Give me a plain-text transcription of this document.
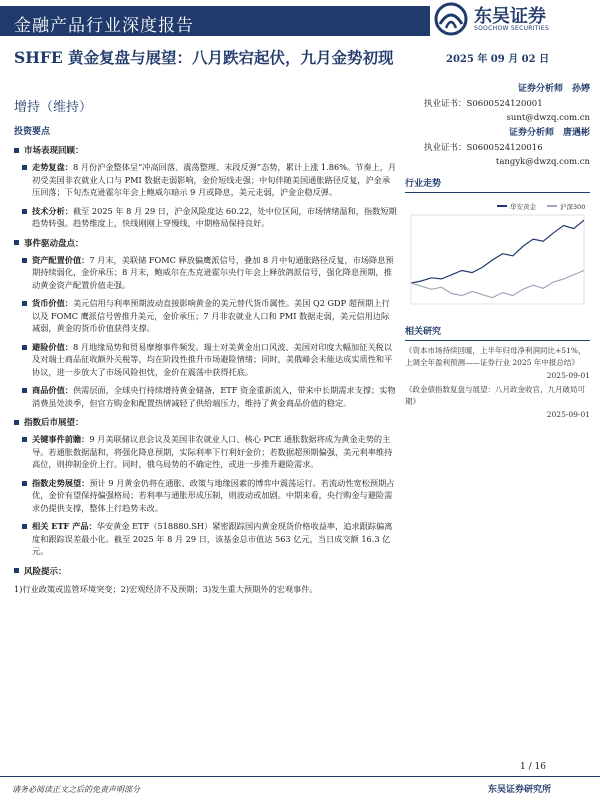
金融产品行业深度报告	东吴证券
SOOCHOW SECURITIES
SHFE 黄金复盘与展望：八月跌宕起伏，九月金势初现
增持（维持）
2025 年 09 月 02 日
证券分析师　孙婷
执业证书：S0600524120001
sunt@dwzq.com.cn
证券分析师　唐遇彬
执业证书：S0600524120016
tangyk@dwzq.com.cn
投资要点
市场表现回顾：
走势复盘：8 月份沪金整体呈“冲高回落、震荡整理、末段反弹”态势，累计上涨 1.86%。节奏上，月初受美国非农就业人口与 PMI 数据走弱影响，金价短线走强；中旬伴随美国通胀路径反复，沪金承压回落；下旬杰克逊霍尔年会上鲍威尔暗示 9 月或降息，美元走弱，沪金企稳反弹。
技术分析：截至 2025 年 8 月 29 日，沪金风险度达 60.22，处中位区间，市场情绪温和，指数短期趋势转强。趋势维度上，快线刚刚上穿慢线，中期格局保持良好。
事件驱动盘点：
资产配置价值：7 月末，美联储 FOMC 释放偏鹰派信号，叠加 8 月中旬通胀路径反复，市场降息预期持续弱化，金价承压；8 月末，鲍威尔在杰克逊霍尔央行年会上释放鸽派信号，强化降息预期，推动黄金资产配置价值走强。
货币价值：美元信用与利率预期波动直接影响黄金的美元替代货币属性。美国 Q2 GDP 超预期上行以及 FOMC 鹰派信号曾推升美元，金价承压；7 月非农就业人口和 PMI 数据走弱，美元信用边际减弱，黄金的货币价值获得支撑。
避险价值：8 月地缘局势和贸易摩擦事件频发。瑞士对美黄金出口风波、美国对印度大幅加征关税以及对瑞士商品征收额外关税等，均在阶段性推升市场避险情绪；同时，美俄峰会未能达成实质性和平协议，进一步放大了市场风险担忧，金价在震荡中获得托底。
商品价值：供需层面，全球央行持续增持黄金储备，ETF 资金重新流入，带来中长期需求支撑；实物消费虽处淡季，但官方购金和配置热情减轻了供给端压力，维持了黄金商品价值的稳定。
指数后市展望：
关键事件前瞻：9 月美联储议息会议及美国非农就业人口、核心 PCE 通胀数据将成为黄金走势的主导。若通胀数据温和，将强化降息预期，实际利率下行利好金价；若数据超预期偏强，美元利率维持高位，则抑制金价上行。同时，俄乌局势的不确定性，或进一步推升避险需求。
指数走势展望：预计 9 月黄金仍将在通胀、政策与地缘因素的博弈中震荡运行。若流动性宽松预期占优，金价有望保持偏强格局；若利率与通胀形成压制，则波动或加剧。中期来看，央行购金与避险需求仍提供支撑，整体上行趋势未改。
相关 ETF 产品：华安黄金 ETF（518880.SH）紧密跟踪国内黄金现货价格收益率，追求跟踪偏离度和跟踪误差最小化。截至 2025 年 8 月 29 日，该基金总市值达 563 亿元，当日成交额 16.3 亿元。
风险提示：
1)行业政策或监管环境突变；2)宏观经济不及预期；3)发生重大预期外的宏观事件。
行业走势
华安黄金	沪深300
相关研究
《资本市场持续回暖，上半年归母净利润同比+51%，上调全年盈利预测——证券行业 2025 年中报总结》
2025-09-01
《政金债指数复盘与展望：八月政金收官，九月破局可期》
2025-09-01
1 / 16
请务必阅读正文之后的免责声明部分	东吴证券研究所
